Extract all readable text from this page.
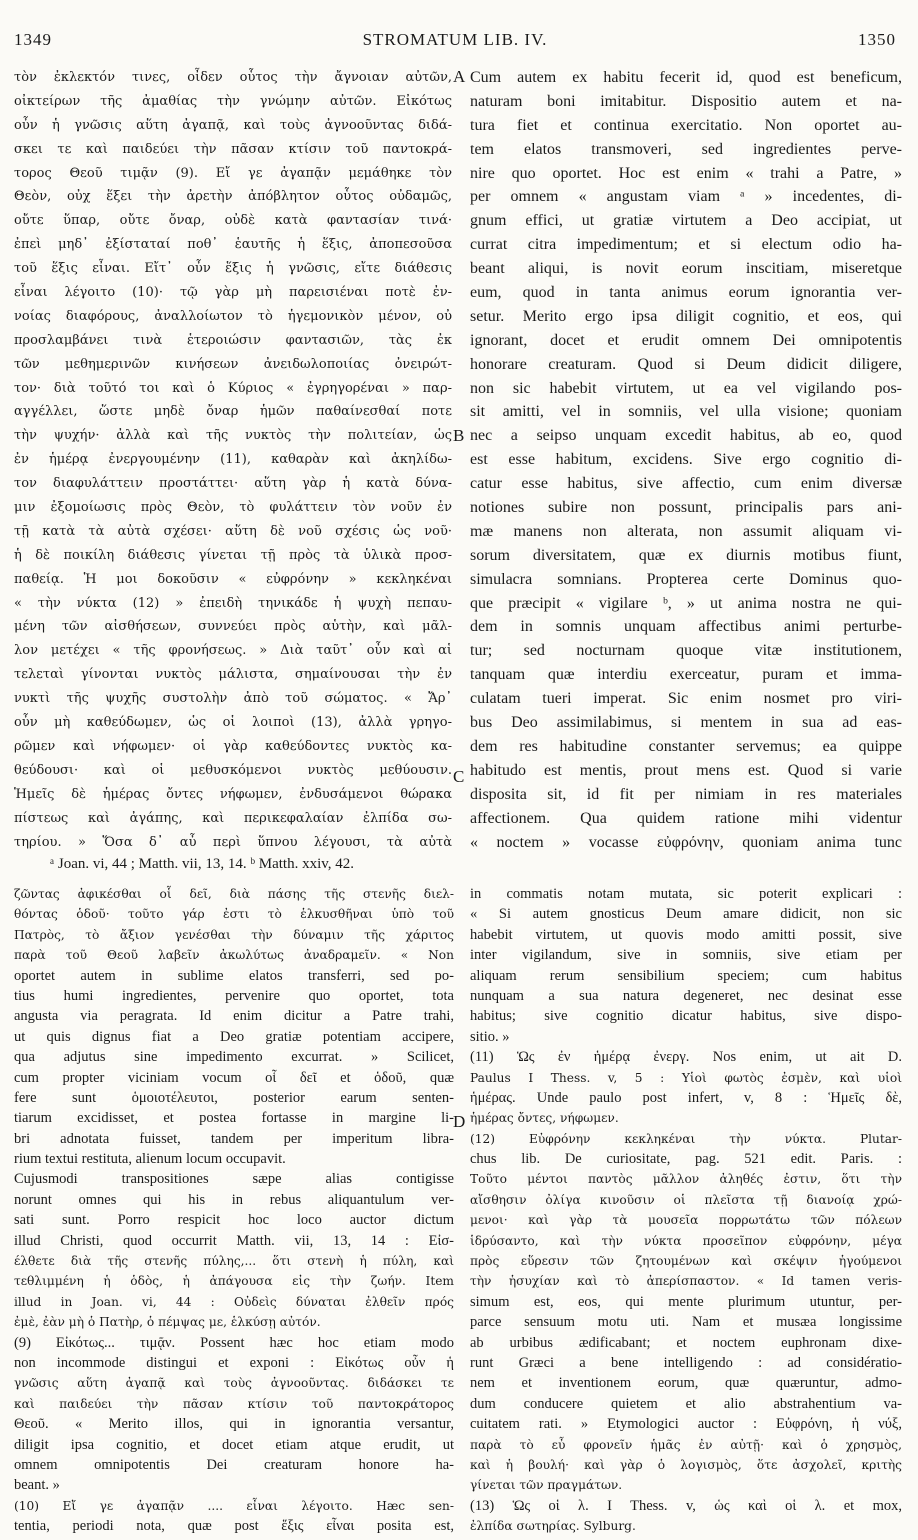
1349	STROMATUM LIB. IV.	1350
τὸν ἐκλεκτόν τινες, οἶδεν οὗτος τὴν ἄγνοιαν αὐτῶν,
οἰκτείρων τῆς ἀμαθίας τὴν γνώμην αὐτῶν. Εἰκότως
οὖν ἡ γνῶσις αὕτη ἀγαπᾷ, καὶ τοὺς ἀγνοοῦντας διδά-
σκει τε καὶ παιδεύει τὴν πᾶσαν κτίσιν τοῦ παντοκρά-
τορος Θεοῦ τιμᾷν (9). Εἴ γε ἀγαπᾷν μεμάθηκε τὸν
Θεὸν, οὐχ ἕξει τὴν ἀρετὴν ἀπόβλητον οὗτος οὐδαμῶς,
οὔτε ὕπαρ, οὔτε ὄναρ, οὐδὲ κατὰ φαντασίαν τινά·
ἐπεὶ μηδ᾽ ἐξίσταταί ποθ᾽ ἑαυτῆς ἡ ἕξις, ἀποπεσοῦσα
τοῦ ἕξις εἶναι. Εἴτ᾽ οὖν ἕξις ἡ γνῶσις, εἴτε διάθεσις
εἶναι λέγοιτο (10)· τῷ γὰρ μὴ παρεισιέναι ποτὲ ἐν-
νοίας διαφόρους, ἀναλλοίωτον τὸ ἡγεμονικὸν μένον, οὐ
προσλαμβάνει τινὰ ἑτεροιώσιν φαντασιῶν, τὰς ἐκ
τῶν μεθημερινῶν κινήσεων ἀνειδωλοποιίας ὀνειρώτ-
τον· διὰ τοῦτό τοι καὶ ὁ Κύριος « ἐγρηγορέναι » παρ-
αγγέλλει, ὥστε μηδὲ ὄναρ ἡμῶν παθαίνεσθαί ποτε
τὴν ψυχήν· ἀλλὰ καὶ τῆς νυκτὸς τὴν πολιτείαν, ὡς
ἐν ἡμέρᾳ ἐνεργουμένην (11), καθαρὰν καὶ ἀκηλίδω-
τον διαφυλάττειν προστάττει· αὕτη γὰρ ἡ κατὰ δύνα-
μιν ἐξομοίωσις πρὸς Θεὸν, τὸ φυλάττειν τὸν νοῦν ἐν
τῇ κατὰ τὰ αὐτὰ σχέσει· αὕτη δὲ νοῦ σχέσις ὡς νοῦ·
ἡ δὲ ποικίλη διάθεσις γίνεται τῇ πρὸς τὰ ὑλικὰ προσ-
παθείᾳ. Ἡ μοι δοκοῦσιν « εὐφρόνην » κεκληκέναι
« τὴν νύκτα (12) » ἐπειδὴ τηνικάδε ἡ ψυχὴ πεπαυ-
μένη τῶν αἰσθήσεων, συννεύει πρὸς αὑτὴν, καὶ μᾶλ-
λον μετέχει « τῆς φρονήσεως. » Διὰ ταῦτ᾽ οὖν καὶ αἱ
τελεταὶ γίνονται νυκτὸς μάλιστα, σημαίνουσαι τὴν ἐν
νυκτὶ τῆς ψυχῆς συστολὴν ἀπὸ τοῦ σώματος. « Ἄρ᾽
οὖν μὴ καθεύδωμεν, ὡς οἱ λοιποὶ (13), ἀλλὰ γρηγο-
ρῶμεν καὶ νήφωμεν· οἱ γὰρ καθεύδοντες νυκτὸς κα-
θεύδουσι· καὶ οἱ μεθυσκόμενοι νυκτὸς μεθύουσιν.
Ἡμεῖς δὲ ἡμέρας ὄντες νήφωμεν, ἐνδυσάμενοι θώρακα
πίστεως καὶ ἀγάπης, καὶ περικεφαλαίαν ἐλπίδα σω-
τηρίου. » Ὅσα δ᾽ αὖ περὶ ὕπνου λέγουσι, τὰ αὐτὰ
Cum autem ex habitu fecerit id, quod est beneficum,
naturam boni imitabitur. Dispositio autem et na-
tura fiet et continua exercitatio. Non oportet au-
tem elatos transmoveri, sed ingredientes perve-
nire quo oportet. Hoc est enim « trahi a Patre, »
per omnem « angustam viam ᵃ » incedentes, di-
gnum effici, ut gratiæ virtutem a Deo accipiat, ut
currat citra impedimentum; et si electum odio ha-
beant aliqui, is novit eorum inscitiam, miseretque
eum, quod in tanta animus eorum ignorantia ver-
setur. Merito ergo ipsa diligit cognitio, et eos, qui
ignorant, docet et erudit omnem Dei omnipotentis
honorare creaturam. Quod si Deum didicit diligere,
non sic habebit virtutem, ut ea vel vigilando pos-
sit amitti, vel in somniis, vel ulla visione; quoniam
nec a seipso unquam excedit habitus, ab eo, quod
est esse habitum, excidens. Sive ergo cognitio di-
catur esse habitus, sive affectio, cum enim diversæ
notiones subire non possunt, principalis pars ani-
mæ manens non alterata, non assumit aliquam vi-
sorum diversitatem, quæ ex diurnis motibus fiunt,
simulacra somnians. Propterea certe Dominus quo-
que præcipit « vigilare ᵇ, » ut anima nostra ne qui-
dem in somnis unquam affectibus animi perturbe-
tur; sed nocturnam quoque vitæ institutionem,
tanquam quæ interdiu exerceatur, puram et imma-
culatam tueri imperat. Sic enim nosmet pro viri-
bus Deo assimilabimus, si mentem in sua ad eas-
dem res habitudine constanter servemus; ea quippe
habitudo est mentis, prout mens est. Quod si varie
disposita sit, id fit per nimiam in res materiales
affectionem. Qua quidem ratione mihi videntur
« noctem » vocasse εὐφρόνην, quoniam anima tunc
A
B
C
D
ᵃ Joan. vi, 44 ; Matth. vii, 13, 14. ᵇ Matth. xxiv, 42.
ζῶντας ἀφικέσθαι οἷ δεῖ, διὰ πάσης τῆς στενῆς διελ-
θόντας ὁδοῦ· τοῦτο γάρ ἐστι τὸ ἑλκυσθῆναι ὑπὸ τοῦ
Πατρὸς, τὸ ἄξιον γενέσθαι τὴν δύναμιν τῆς χάριτος
παρὰ τοῦ Θεοῦ λαβεῖν ἀκωλύτως ἀναδραμεῖν. « Non
oportet autem in sublime elatos transferri, sed po-
tius humi ingredientes, pervenire quo oportet, tota
angusta via peragrata. Id enim dicitur a Patre trahi,
ut quis dignus fiat a Deo gratiæ potentiam accipere,
qua adjutus sine impedimento excurrat. » Scilicet,
cum propter viciniam vocum οἷ δεῖ et ὁδοῦ, quæ
fere sunt ὁμοιοτέλευτοι, posterior earum senten-
tiarum excidisset, et postea fortasse in margine li-
bri adnotata fuisset, tandem per imperitum libra-
rium textui restituta, alienum locum occupavit.
Cujusmodi transpositiones sæpe alias contigisse
norunt omnes qui his in rebus aliquantulum ver-
sati sunt. Porro respicit hoc loco auctor dictum
illud Christi, quod occurrit Matth. vii, 13, 14 : Εἰσ-
έλθετε διὰ τῆς στενῆς πύλης,... ὅτι στενὴ ἡ πύλη, καὶ
τεθλιμμένη ἡ ὁδὸς, ἡ ἀπάγουσα εἰς τὴν ζωήν. Item
illud in Joan. vi, 44 : Οὐδεὶς δύναται ἐλθεῖν πρός
ἐμὲ, ἐὰν μὴ ὁ Πατὴρ, ὁ πέμψας με, ἑλκύσῃ αὐτόν.
(9) Εἰκότως... τιμᾷν. Possent hæc hoc etiam modo
non incommode distingui et exponi : Εἰκότως οὖν ἡ
γνῶσις αὕτη ἀγαπᾷ καὶ τοὺς ἀγνοοῦντας. διδάσκει τε
καὶ παιδεύει τὴν πᾶσαν κτίσιν τοῦ παντοκράτορος
Θεοῦ. « Merito illos, qui in ignorantia versantur,
diligit ipsa cognitio, et docet etiam atque erudit, ut
omnem omnipotentis Dei creaturam honore ha-
beant. »
(10) Εἴ γε ἀγαπᾷν .... εἶναι λέγοιτο. Hæc sen-
tentia, periodi nota, quæ post ἕξις εἶναι posita est,
in commatis notam mutata, sic poterit explicari :
« Si autem gnosticus Deum amare didicit, non sic
habebit virtutem, ut quovis modo amitti possit, sive
inter vigilandum, sive in somniis, sive etiam per
aliquam rerum sensibilium speciem; cum habitus
nunquam a sua natura degeneret, nec desinat esse
habitus; sive cognitio dicatur habitus, sive dispo-
sitio. »
(11) Ὡς ἐν ἡμέρᾳ ἐνεργ. Nos enim, ut ait D.
Paulus I Thess. v, 5 : Υἱοὶ φωτὸς ἐσμὲν, καὶ υἱοὶ
ἡμέρας. Unde paulo post infert, v, 8 : Ἡμεῖς δὲ,
ἡμέρας ὄντες, νήφωμεν.
(12) Εὐφρόνην κεκληκέναι τὴν νύκτα. Plutar-
chus lib. De curiositate, pag. 521 edit. Paris. :
Τοῦτο μέντοι παντὸς μᾶλλον ἀληθές ἐστιν, ὅτι τὴν
αἴσθησιν ὀλίγα κινοῦσιν οἱ πλεῖστα τῇ διανοίᾳ χρώ-
μενοι· καὶ γὰρ τὰ μουσεῖα πορρωτάτω τῶν πόλεων
ἱδρύσαντο, καὶ τὴν νύκτα προσεῖπον εὐφρόνην, μέγα
πρὸς εὕρεσιν τῶν ζητουμένων καὶ σκέψιν ἡγούμενοι
τὴν ἡσυχίαν καὶ τὸ ἀπερίσπαστον. « Id tamen veris-
simum est, eos, qui mente plurimum utuntur, per-
parce sensuum motu uti. Nam et musæa longissime
ab urbibus ædificabant; et noctem euphronam dixe-
runt Græci a bene intelligendo : ad considératio-
nem et inventionem eorum, quæ quæruntur, admo-
dum conducere quietem et alio abstrahentium va-
cuitatem rati. » Etymologici auctor : Εὐφρόνη, ἡ νύξ,
παρὰ τὸ εὖ φρονεῖν ἡμᾶς ἐν αὐτῇ· καὶ ὁ χρησμὸς,
καὶ ἡ βουλή· καὶ γὰρ ὁ λογισμὸς, ὅτε ἀσχολεῖ, κριτὴς
γίνεται τῶν πραγμάτων.
(13) Ὡς οἱ λ. I Thess. v, ὡς καὶ οἱ λ. et mox,
ἐλπίδα σωτηρίας. Sylburg.
